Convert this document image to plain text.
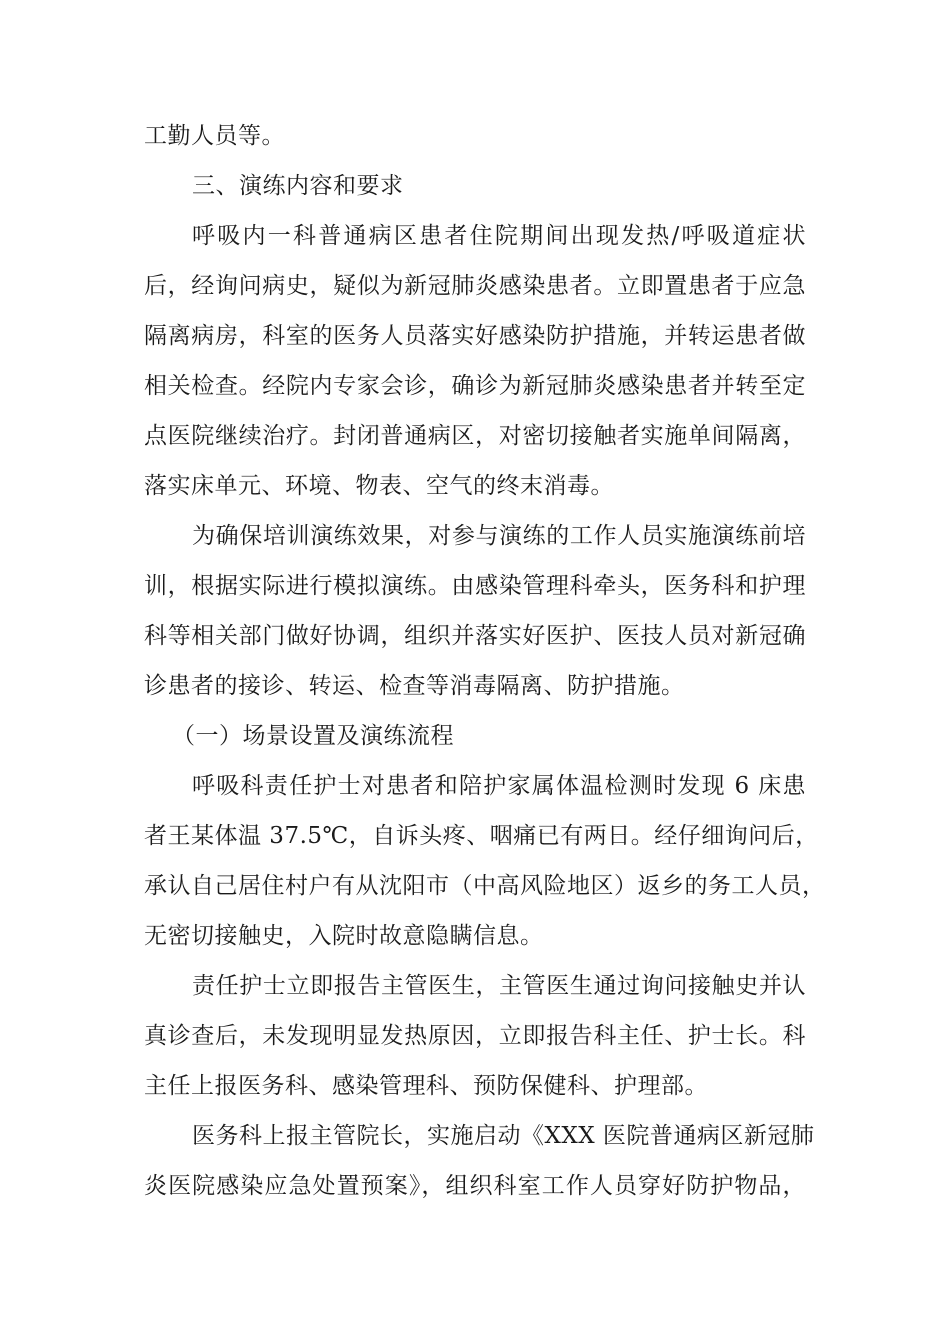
工勤人员等。
三、演练内容和要求
呼吸内一科普通病区患者住院期间出现发热/呼吸道症状
后，经询问病史，疑似为新冠肺炎感染患者。立即置患者于应急
隔离病房，科室的医务人员落实好感染防护措施，并转运患者做
相关检查。经院内专家会诊，确诊为新冠肺炎感染患者并转至定
点医院继续治疗。封闭普通病区，对密切接触者实施单间隔离，
落实床单元、环境、物表、空气的终末消毒。
为确保培训演练效果，对参与演练的工作人员实施演练前培
训，根据实际进行模拟演练。由感染管理科牵头，医务科和护理
科等相关部门做好协调，组织并落实好医护、医技人员对新冠确
诊患者的接诊、转运、检查等消毒隔离、防护措施。
（一）场景设置及演练流程
呼吸科责任护士对患者和陪护家属体温检测时发现 6 床患
者王某体温 37.5℃，自诉头疼、咽痛已有两日。经仔细询问后，
承认自己居住村户有从沈阳市（中高风险地区）返乡的务工人员，
无密切接触史，入院时故意隐瞒信息。
责任护士立即报告主管医生，主管医生通过询问接触史并认
真诊查后，未发现明显发热原因，立即报告科主任、护士长。科
主任上报医务科、感染管理科、预防保健科、护理部。
医务科上报主管院长，实施启动《XXX 医院普通病区新冠肺
炎医院感染应急处置预案》，组织科室工作人员穿好防护物品，
